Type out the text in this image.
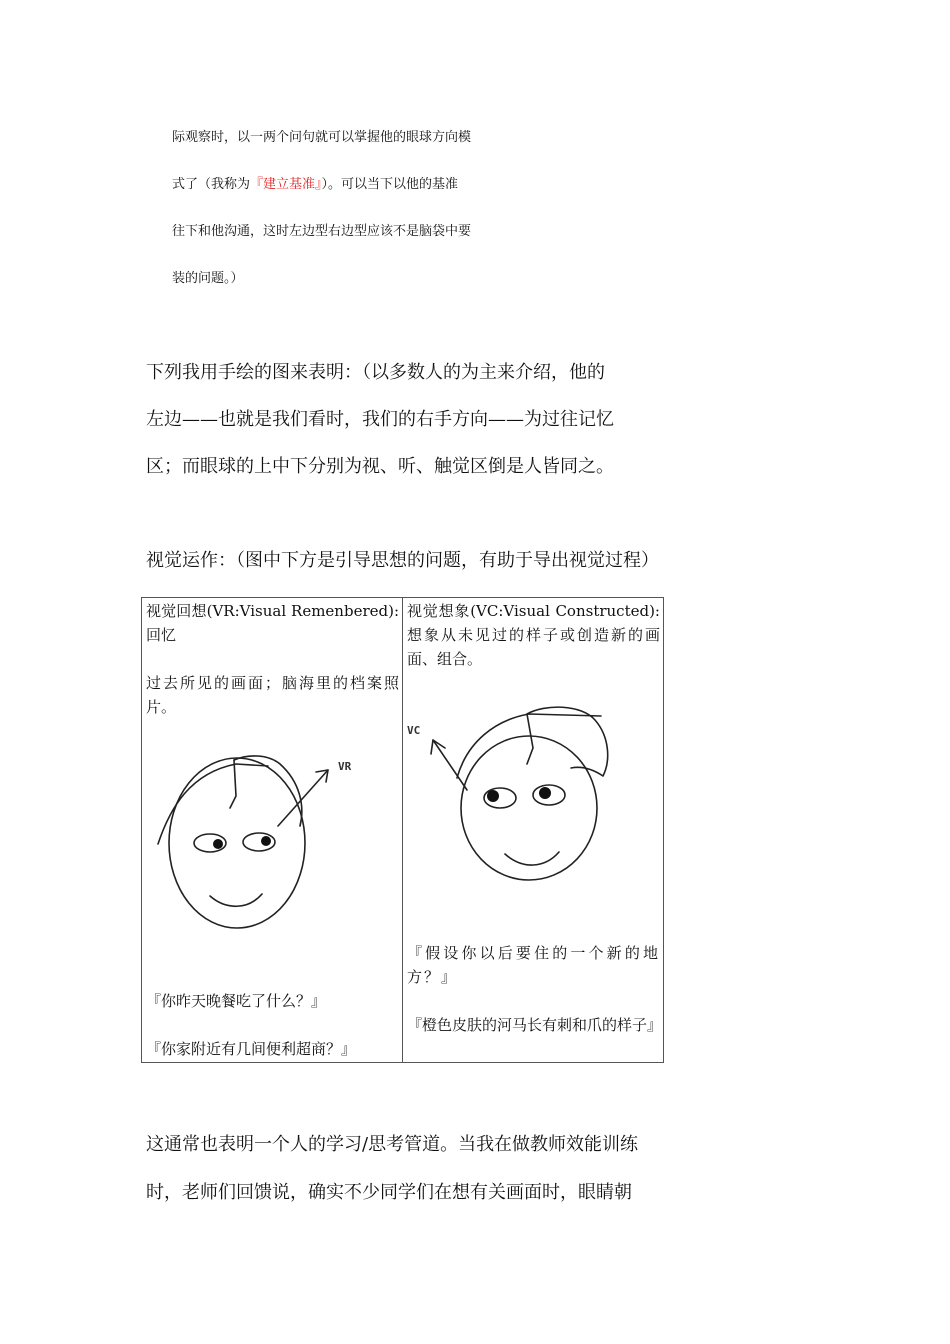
际观察时，以一两个问句就可以掌握他的眼球方向模
式了（我称为『建立基准』）。可以当下以他的基准
往下和他沟通，这时左边型右边型应该不是脑袋中要
装的问题。）
下列我用手绘的图来表明：（以多数人的为主来介绍，他的
左边——也就是我们看时，我们的右手方向——为过往记忆
区；而眼球的上中下分别为视、听、触觉区倒是人皆同之。
视觉运作：（图中下方是引导思想的问题，有助于导出视觉过程）
视觉回想(VR:Visual Remenbered):回忆
过去所见的画面；脑海里的档案照片。
VR
『你昨天晚餐吃了什么？』
『你家附近有几间便利超商？』

视觉想象(VC:Visual Constructed):想象从未见过的样子或创造新的画面、组合。
VC
『假设你以后要住的一个新的地方？』
『橙色皮肤的河马长有刺和爪的样子』
这通常也表明一个人的学习/思考管道。当我在做教师效能训练
时，老师们回馈说，确实不少同学们在想有关画面时，眼睛朝
